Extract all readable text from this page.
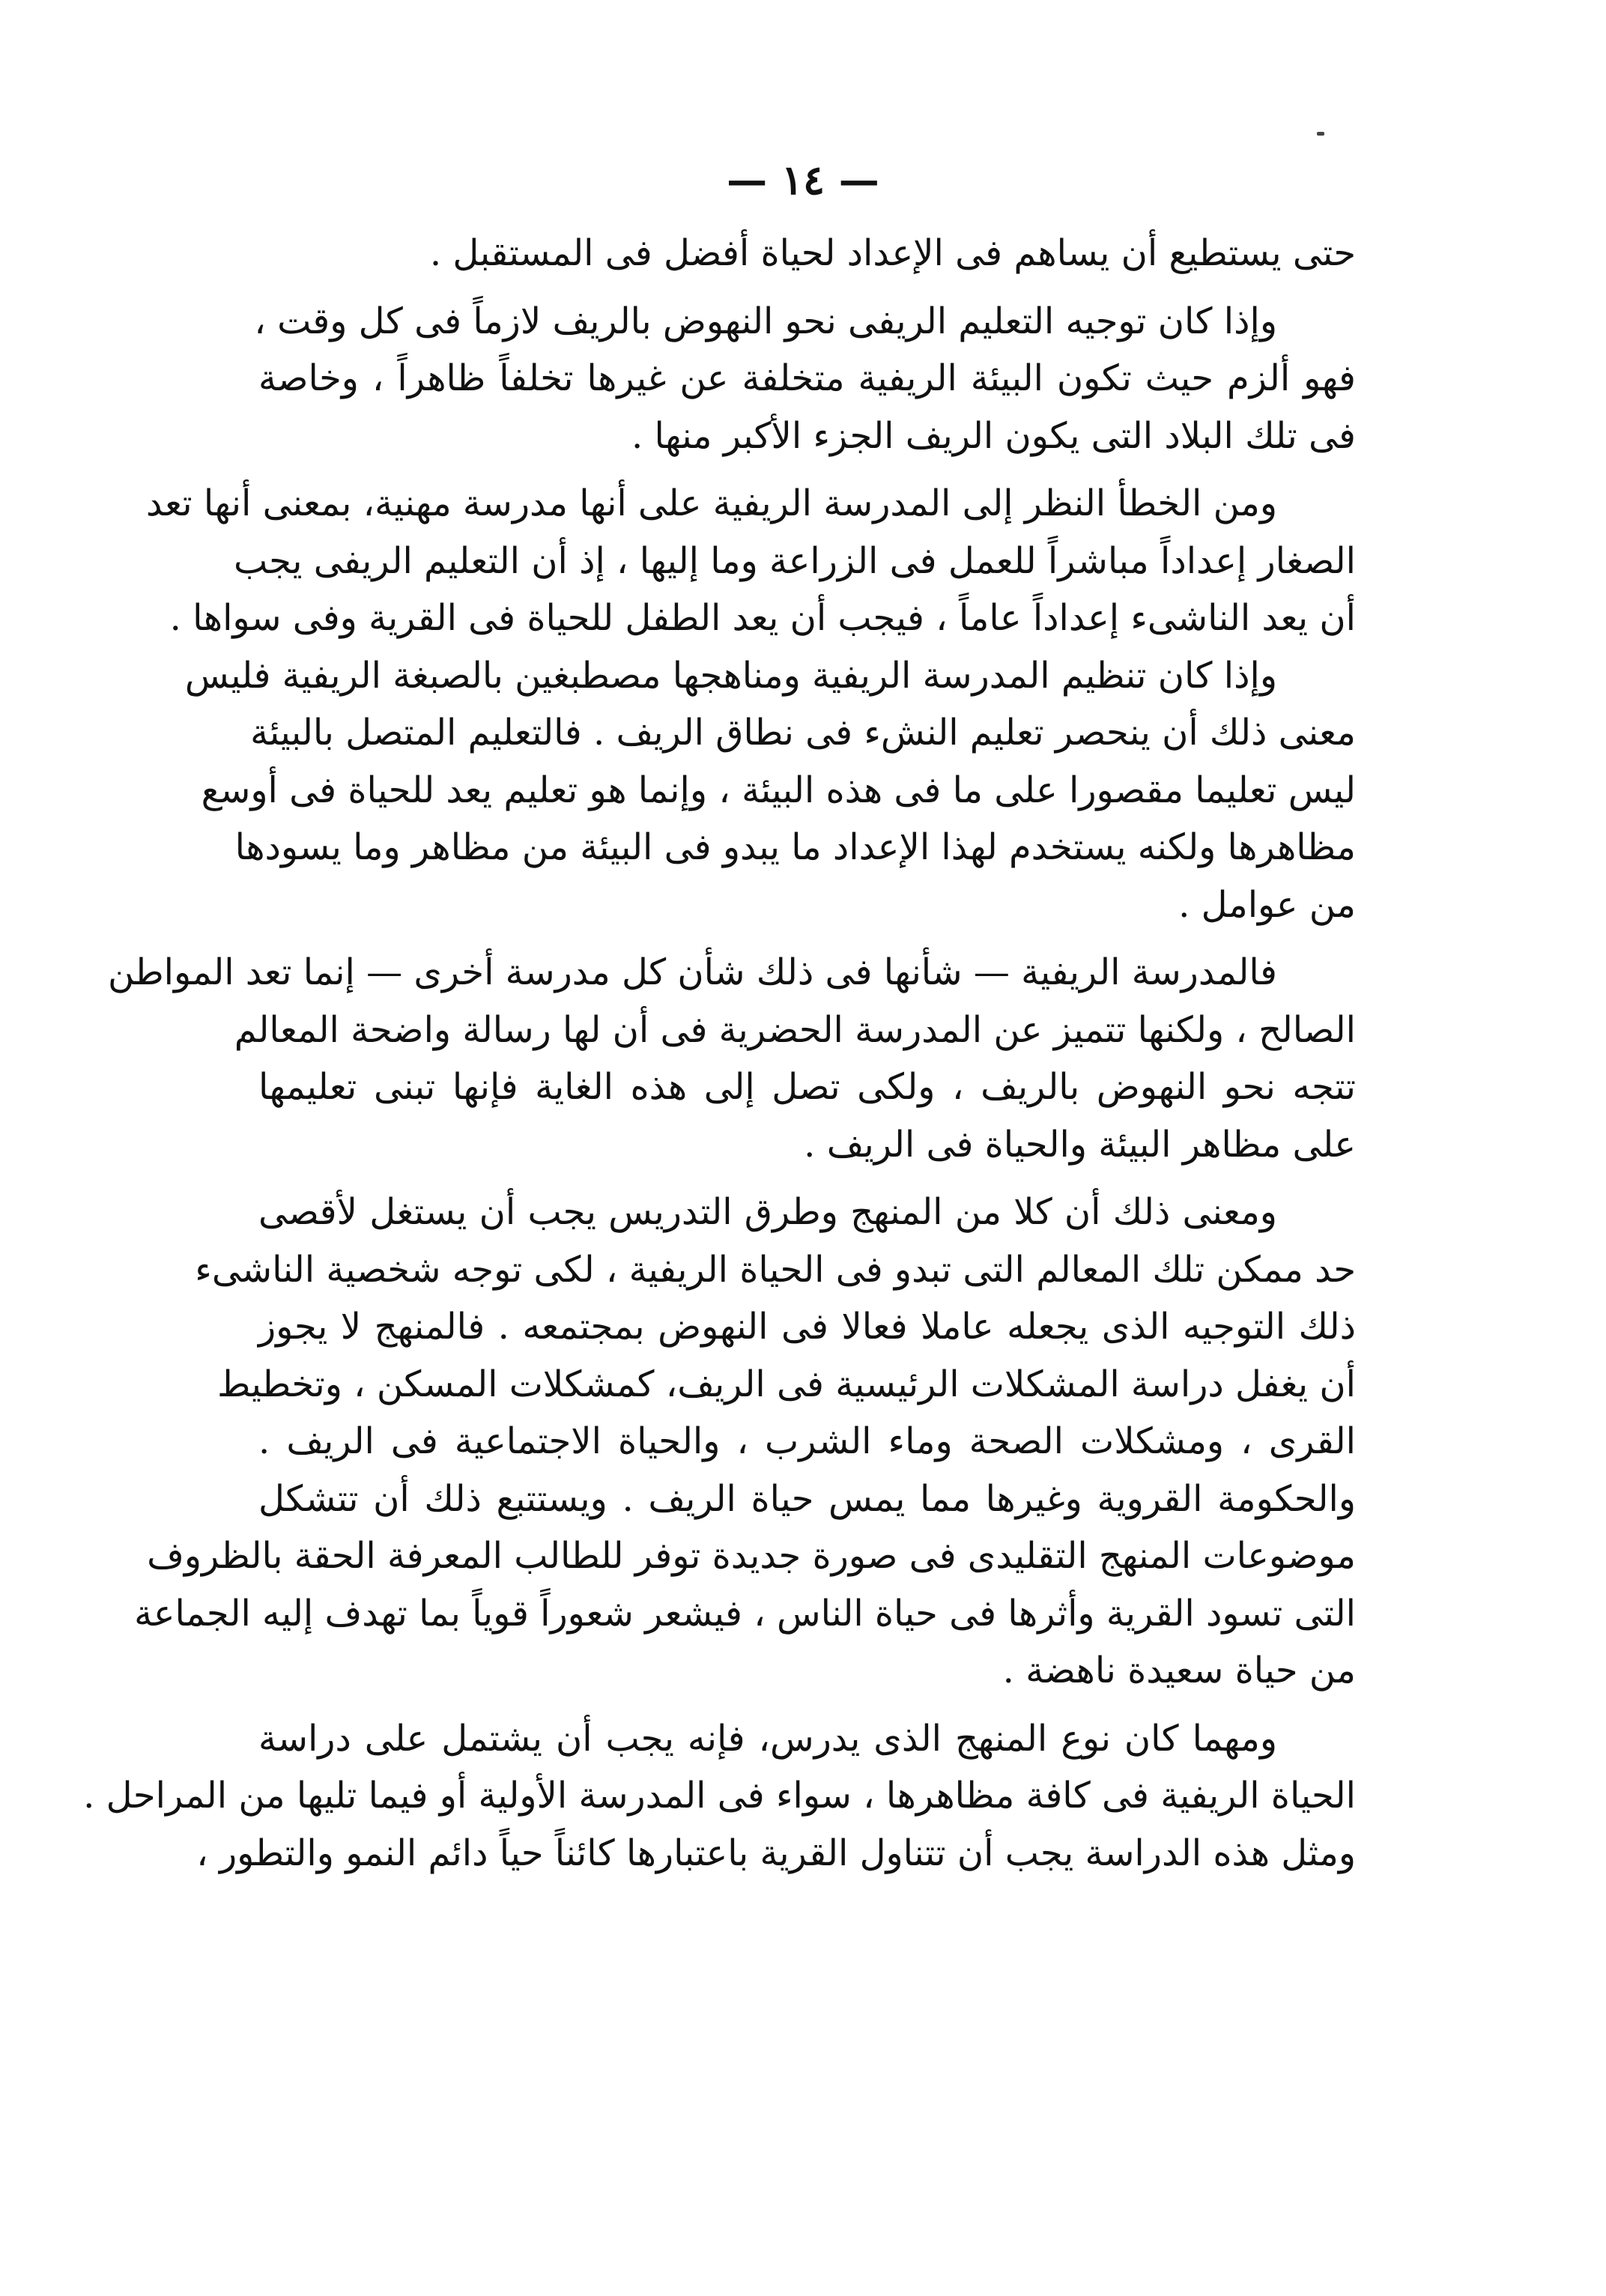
— ١٤ —
حتى يستطيع أن يساهم فى الإعداد لحياة أفضل فى المستقبل .
وإذا كان توجيه التعليم الريفى نحو النهوض بالريف لازماً فى كل وقت ،
فهو ألزم حيث تكون البيئة الريفية متخلفة عن غيرها تخلفاً ظاهراً ، وخاصة
فى تلك البلاد التى يكون الريف الجزء الأكبر منها .
ومن الخطأ النظر إلى المدرسة الريفية على أنها مدرسة مهنية، بمعنى أنها تعد
الصغار إعداداً مباشراً للعمل فى الزراعة وما إليها ، إذ أن التعليم الريفى يجب
أن يعد الناشىء إعداداً عاماً ، فيجب أن يعد الطفل للحياة فى القرية وفى سواها .
وإذا كان تنظيم المدرسة الريفية ومناهجها مصطبغين بالصبغة الريفية فليس
معنى ذلك أن ينحصر تعليم النشء فى نطاق الريف . فالتعليم المتصل بالبيئة
ليس تعليما مقصورا على ما فى هذه البيئة ، وإنما هو تعليم يعد للحياة فى أوسع
مظاهرها ولكنه يستخدم لهذا الإعداد ما يبدو فى البيئة من مظاهر وما يسودها
من عوامل .
فالمدرسة الريفية — شأنها فى ذلك شأن كل مدرسة أخرى — إنما تعد المواطن
الصالح ، ولكنها تتميز عن المدرسة الحضرية فى أن لها رسالة واضحة المعالم
تتجه نحو النهوض بالريف ، ولكى تصل إلى هذه الغاية فإنها تبنى تعليمها
على مظاهر البيئة والحياة فى الريف .
ومعنى ذلك أن كلا من المنهج وطرق التدريس يجب أن يستغل لأقصى
حد ممكن تلك المعالم التى تبدو فى الحياة الريفية ، لكى توجه شخصية الناشىء
ذلك التوجيه الذى يجعله عاملا فعالا فى النهوض بمجتمعه . فالمنهج لا يجوز
أن يغفل دراسة المشكلات الرئيسية فى الريف، كمشكلات المسكن ، وتخطيط
القرى ، ومشكلات الصحة وماء الشرب ، والحياة الاجتماعية فى الريف .
والحكومة القروية وغيرها مما يمس حياة الريف . ويستتبع ذلك أن تتشكل
موضوعات المنهج التقليدى فى صورة جديدة توفر للطالب المعرفة الحقة بالظروف
التى تسود القرية وأثرها فى حياة الناس ، فيشعر شعوراً قوياً بما تهدف إليه الجماعة
من حياة سعيدة ناهضة .
ومهما كان نوع المنهج الذى يدرس، فإنه يجب أن يشتمل على دراسة
الحياة الريفية فى كافة مظاهرها ، سواء فى المدرسة الأولية أو فيما تليها من المراحل .
ومثل هذه الدراسة يجب أن تتناول القرية باعتبارها كائناً حياً دائم النمو والتطور ،
